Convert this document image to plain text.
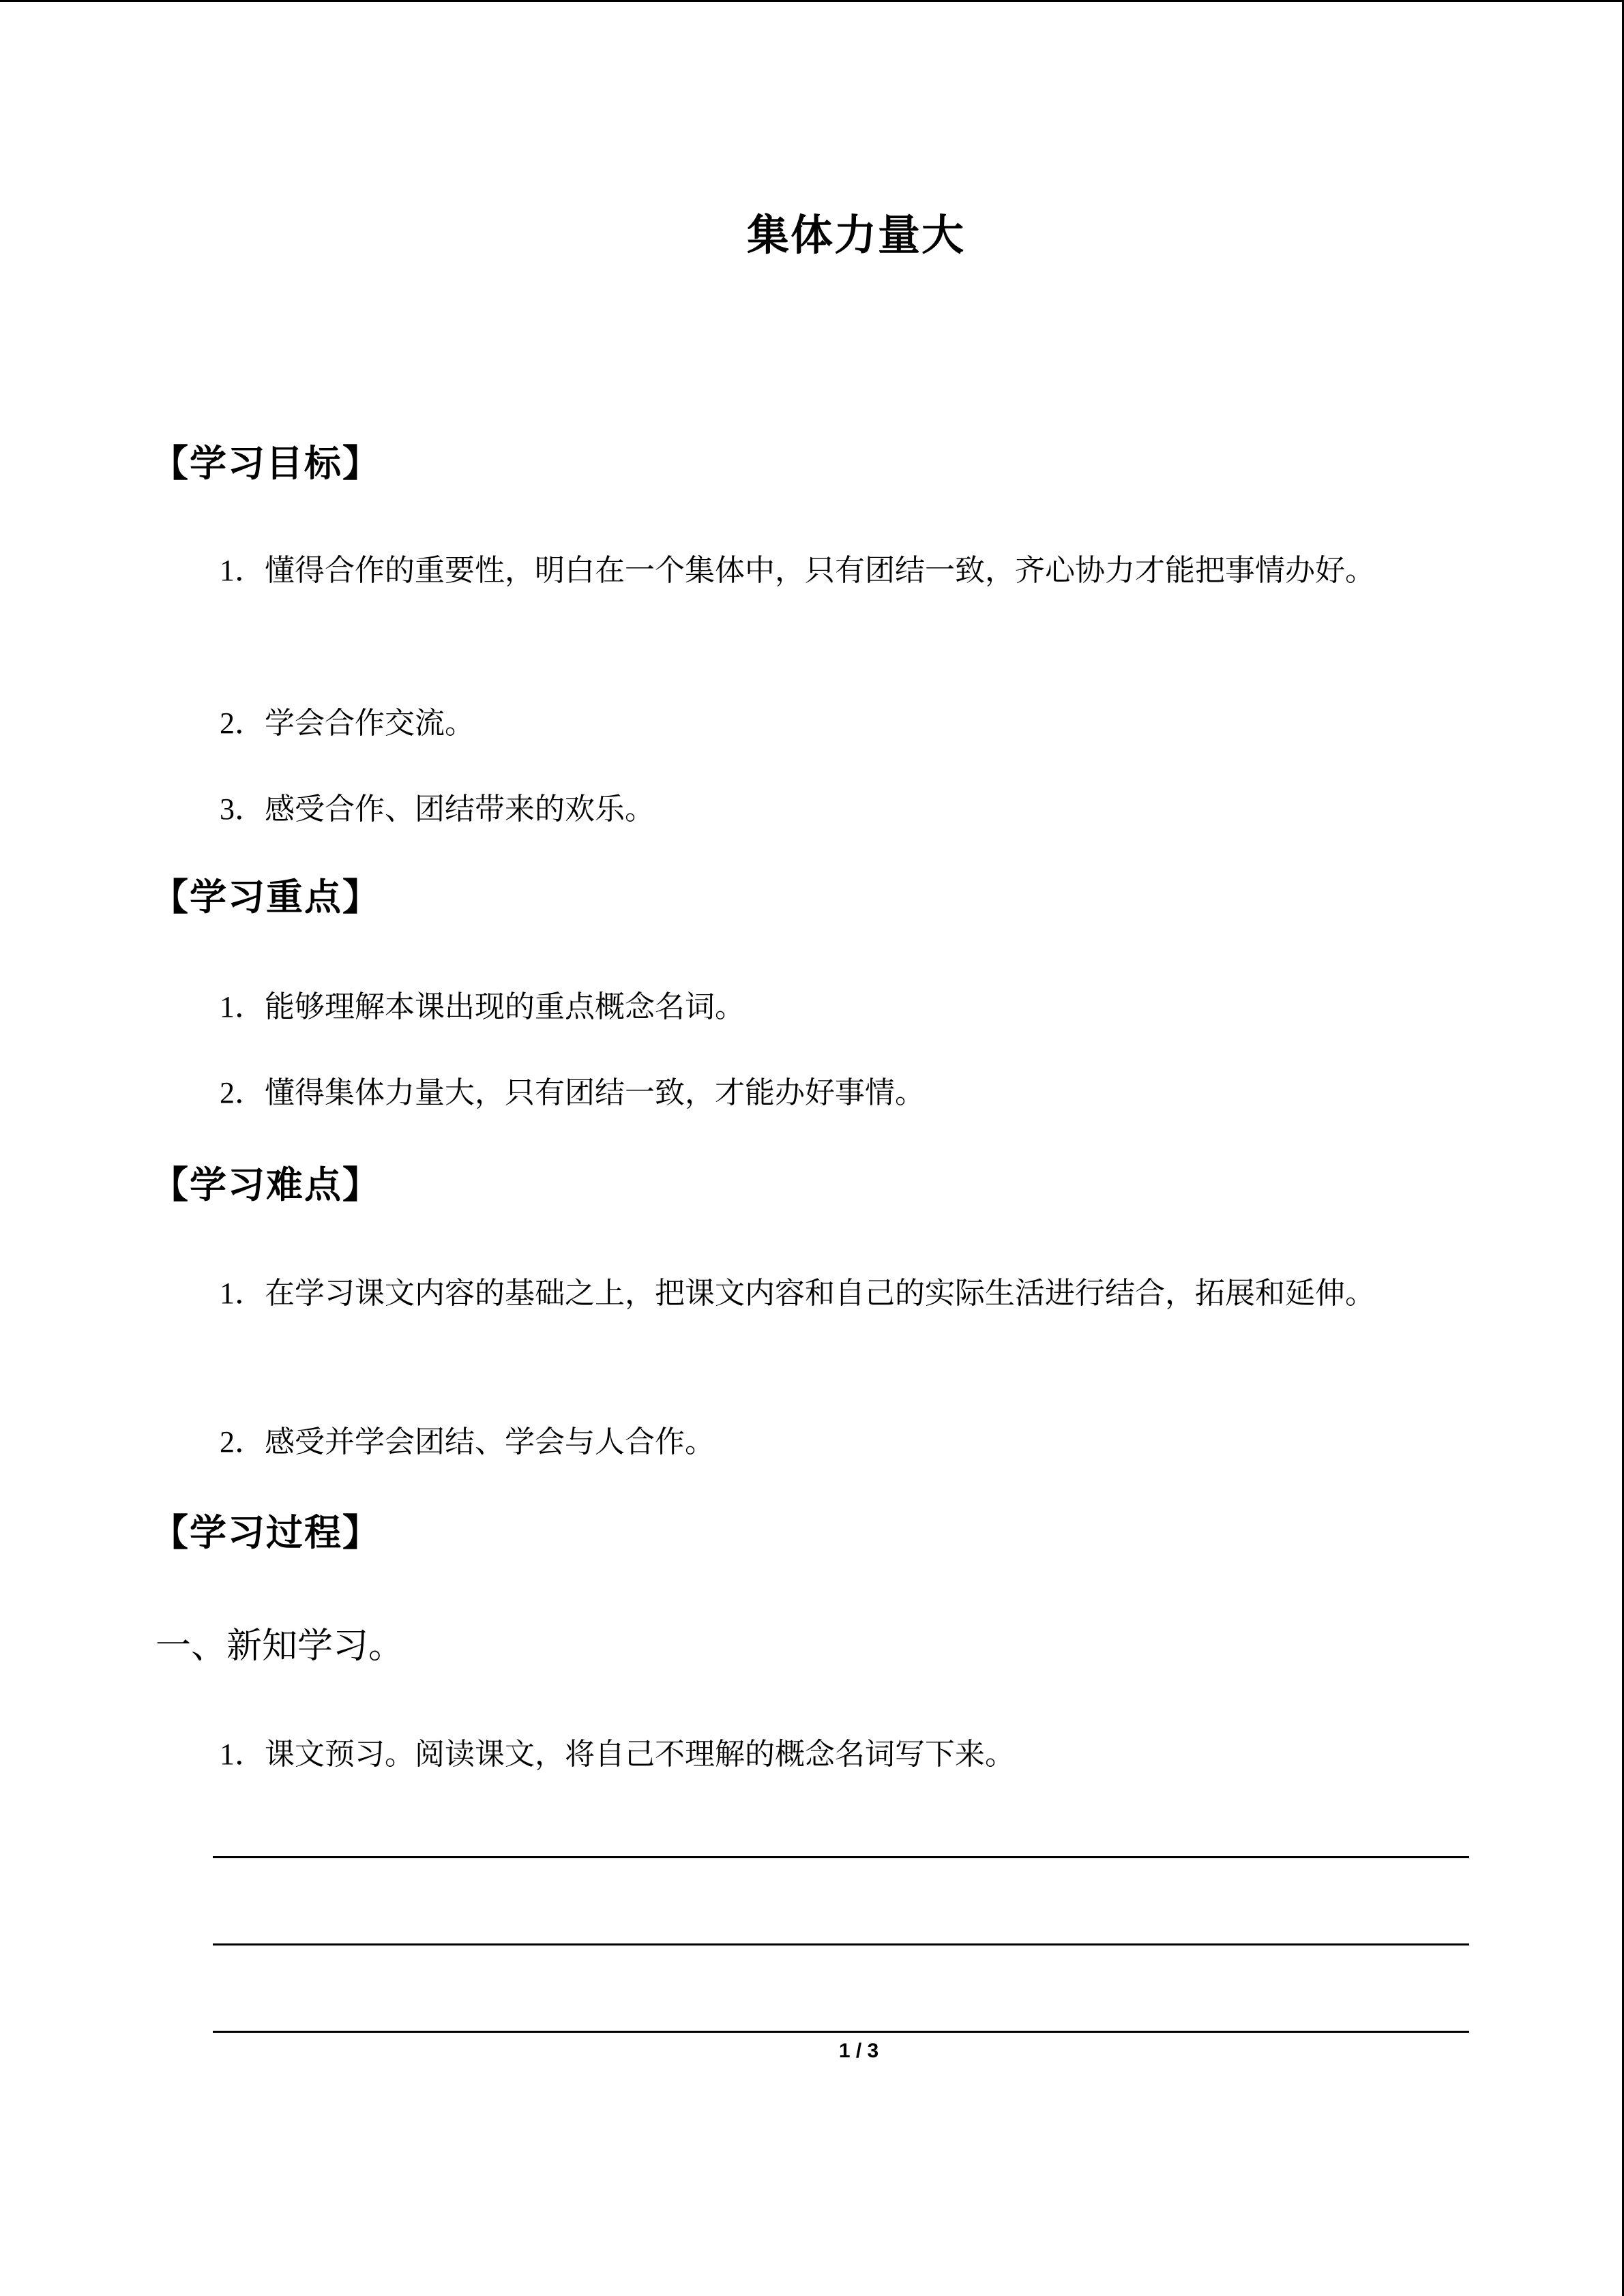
集体力量大
【学习目标】
1．懂得合作的重要性，明白在一个集体中，只有团结一致，齐心协力才能把事情办好。
2．学会合作交流。
3．感受合作、团结带来的欢乐。
【学习重点】
1．能够理解本课出现的重点概念名词。
2．懂得集体力量大，只有团结一致，才能办好事情。
【学习难点】
1．在学习课文内容的基础之上，把课文内容和自己的实际生活进行结合，拓展和延伸。
2．感受并学会团结、学会与人合作。
【学习过程】
一、新知学习。
1．课文预习。阅读课文，将自己不理解的概念名词写下来。
1 / 3
